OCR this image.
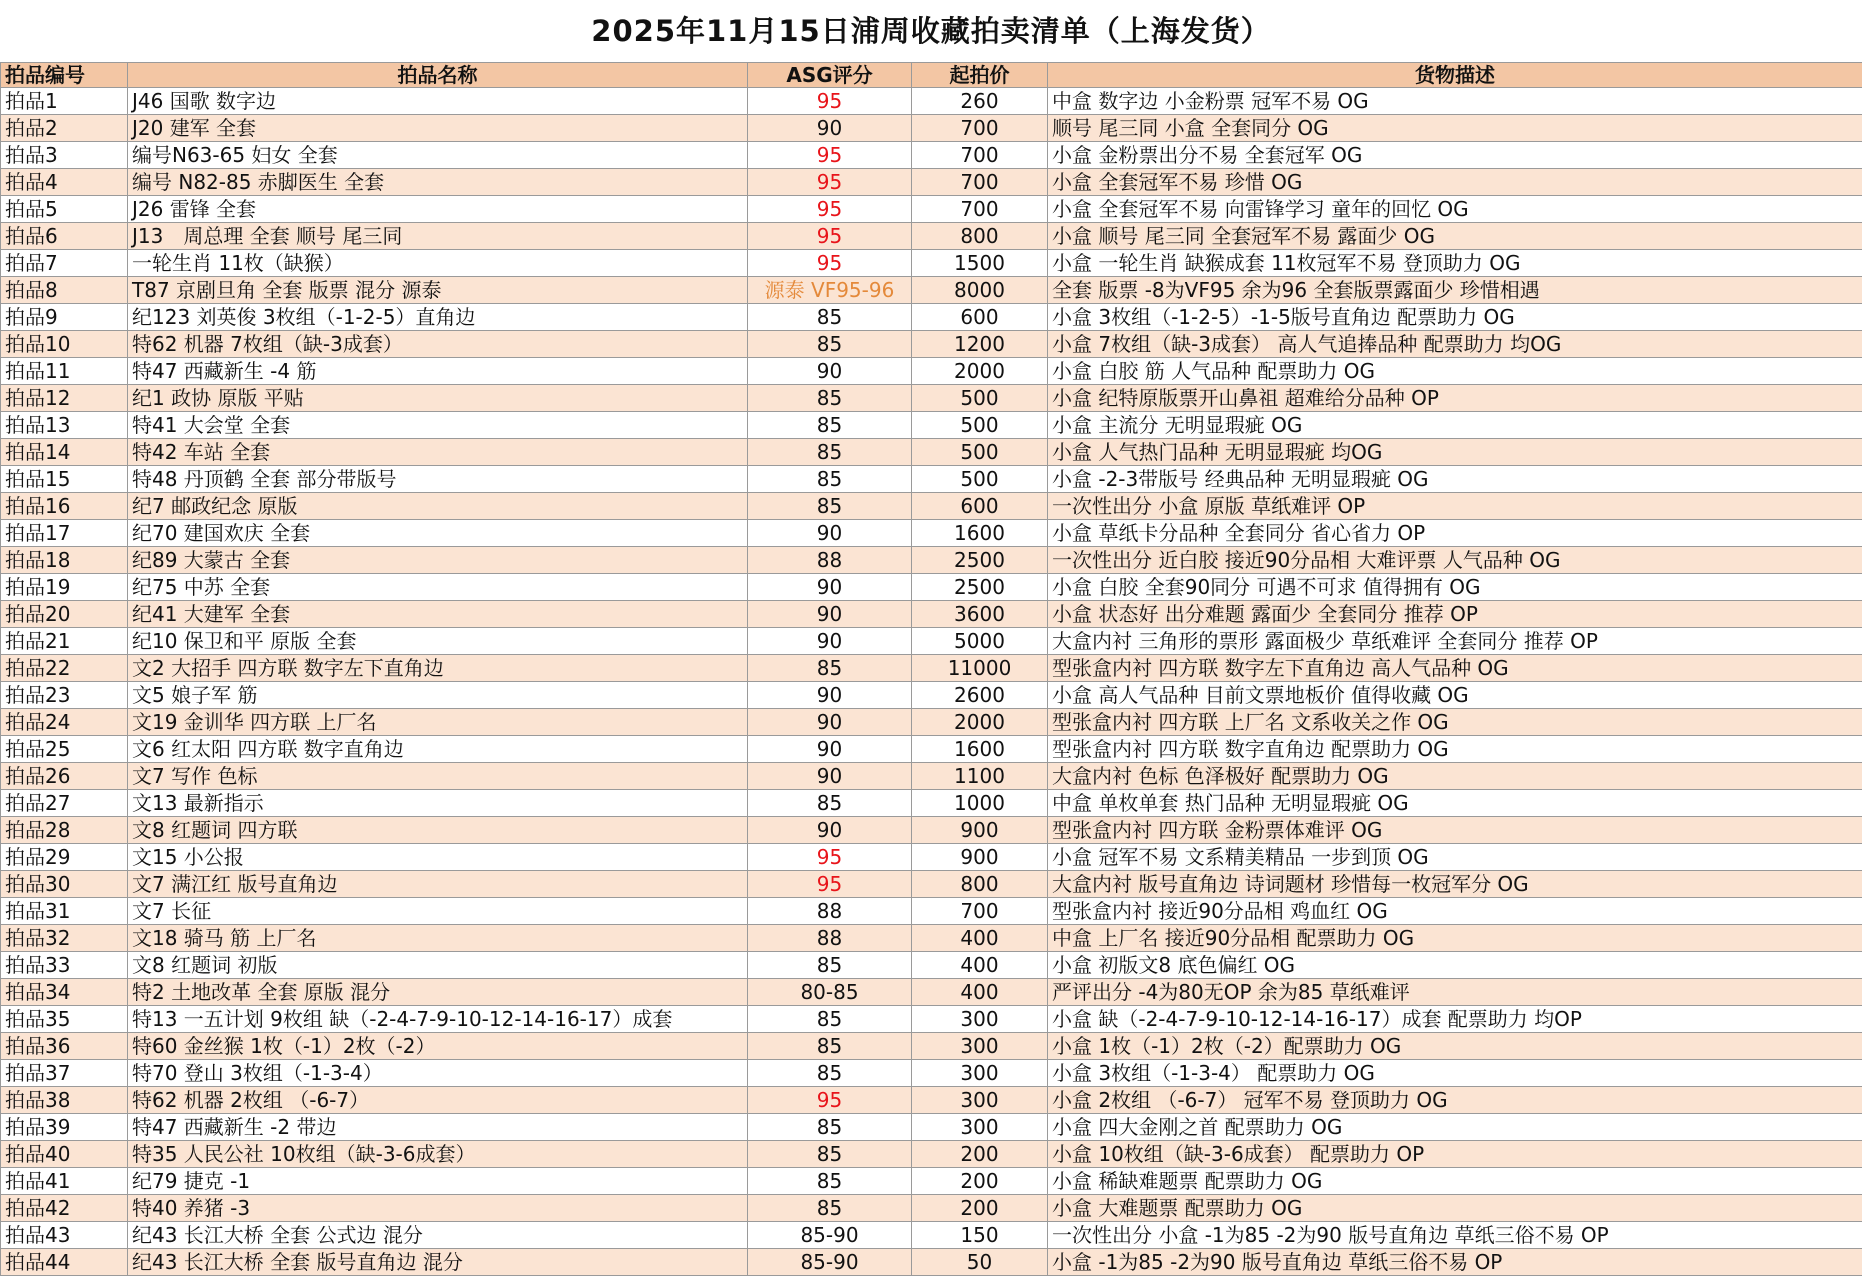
2025年11月15日浦周收藏拍卖清单（上海发货）
拍品编号	拍品名称	ASG评分	起拍价	货物描述
拍品1	J46 国歌 数字边	95	260	中盒 数字边 小金粉票 冠军不易 OG
拍品2	J20 建军 全套	90	700	顺号 尾三同 小盒 全套同分 OG
拍品3	编号N63-65 妇女 全套	95	700	小盒 金粉票出分不易 全套冠军 OG
拍品4	编号 N82-85 赤脚医生 全套	95	700	小盒 全套冠军不易 珍惜 OG
拍品5	J26 雷锋 全套	95	700	小盒 全套冠军不易 向雷锋学习 童年的回忆 OG
拍品6	J13　周总理 全套 顺号 尾三同	95	800	小盒 顺号 尾三同 全套冠军不易 露面少 OG
拍品7	一轮生肖 11枚（缺猴）	95	1500	小盒 一轮生肖 缺猴成套 11枚冠军不易 登顶助力 OG
拍品8	T87 京剧旦角 全套 版票 混分 源泰	源泰 VF95-96	8000	全套 版票 -8为VF95 余为96 全套版票露面少 珍惜相遇
拍品9	纪123 刘英俊 3枚组（-1-2-5）直角边	85	600	小盒 3枚组（-1-2-5）-1-5版号直角边 配票助力 OG
拍品10	特62 机器 7枚组（缺-3成套）	85	1200	小盒 7枚组（缺-3成套） 高人气追捧品种 配票助力 均OG
拍品11	特47 西藏新生 -4 筋	90	2000	小盒 白胶 筋 人气品种 配票助力 OG
拍品12	纪1 政协 原版 平贴	85	500	小盒 纪特原版票开山鼻祖 超难给分品种 OP
拍品13	特41 大会堂 全套	85	500	小盒 主流分 无明显瑕疵 OG
拍品14	特42 车站 全套	85	500	小盒 人气热门品种 无明显瑕疵 均OG
拍品15	特48 丹顶鹤 全套 部分带版号	85	500	小盒 -2-3带版号 经典品种 无明显瑕疵 OG
拍品16	纪7 邮政纪念 原版	85	600	一次性出分 小盒 原版 草纸难评 OP
拍品17	纪70 建国欢庆 全套	90	1600	小盒 草纸卡分品种 全套同分 省心省力 OP
拍品18	纪89 大蒙古 全套	88	2500	一次性出分 近白胶 接近90分品相 大难评票 人气品种 OG
拍品19	纪75 中苏 全套	90	2500	小盒 白胶 全套90同分 可遇不可求 值得拥有 OG
拍品20	纪41 大建军 全套	90	3600	小盒 状态好 出分难题 露面少 全套同分 推荐 OP
拍品21	纪10 保卫和平 原版 全套	90	5000	大盒内衬 三角形的票形 露面极少 草纸难评 全套同分 推荐 OP
拍品22	文2 大招手 四方联 数字左下直角边	85	11000	型张盒内衬 四方联 数字左下直角边 高人气品种 OG
拍品23	文5 娘子军 筋	90	2600	小盒 高人气品种 目前文票地板价 值得收藏 OG
拍品24	文19 金训华 四方联 上厂名	90	2000	型张盒内衬 四方联 上厂名 文系收关之作 OG
拍品25	文6 红太阳 四方联 数字直角边	90	1600	型张盒内衬 四方联 数字直角边 配票助力 OG
拍品26	文7 写作 色标	90	1100	大盒内衬 色标 色泽极好 配票助力 OG
拍品27	文13 最新指示	85	1000	中盒 单枚单套 热门品种 无明显瑕疵 OG
拍品28	文8 红题词 四方联	90	900	型张盒内衬 四方联 金粉票体难评 OG
拍品29	文15 小公报	95	900	小盒 冠军不易 文系精美精品 一步到顶 OG
拍品30	文7 满江红 版号直角边	95	800	大盒内衬 版号直角边 诗词题材 珍惜每一枚冠军分 OG
拍品31	文7 长征	88	700	型张盒内衬 接近90分品相 鸡血红 OG
拍品32	文18 骑马 筋 上厂名	88	400	中盒 上厂名 接近90分品相 配票助力 OG
拍品33	文8 红题词 初版	85	400	小盒 初版文8 底色偏红 OG
拍品34	特2 土地改革 全套 原版 混分	80-85	400	严评出分 -4为80无OP 余为85 草纸难评
拍品35	特13 一五计划 9枚组 缺（-2-4-7-9-10-12-14-16-17）成套	85	300	小盒 缺（-2-4-7-9-10-12-14-16-17）成套 配票助力 均OP
拍品36	特60 金丝猴 1枚（-1）2枚（-2）	85	300	小盒 1枚（-1）2枚（-2）配票助力 OG
拍品37	特70 登山 3枚组（-1-3-4）	85	300	小盒 3枚组（-1-3-4） 配票助力 OG
拍品38	特62 机器 2枚组 （-6-7）	95	300	小盒 2枚组 （-6-7） 冠军不易 登顶助力 OG
拍品39	特47 西藏新生 -2 带边	85	300	小盒 四大金刚之首 配票助力 OG
拍品40	特35 人民公社 10枚组（缺-3-6成套）	85	200	小盒 10枚组（缺-3-6成套） 配票助力 OP
拍品41	纪79 捷克 -1	85	200	小盒 稀缺难题票 配票助力 OG
拍品42	特40 养猪 -3	85	200	小盒 大难题票 配票助力 OG
拍品43	纪43 长江大桥 全套 公式边 混分	85-90	150	一次性出分 小盒 -1为85 -2为90 版号直角边 草纸三俗不易 OP
拍品44	纪43 长江大桥 全套 版号直角边 混分	85-90	50	小盒 -1为85 -2为90 版号直角边 草纸三俗不易 OP
